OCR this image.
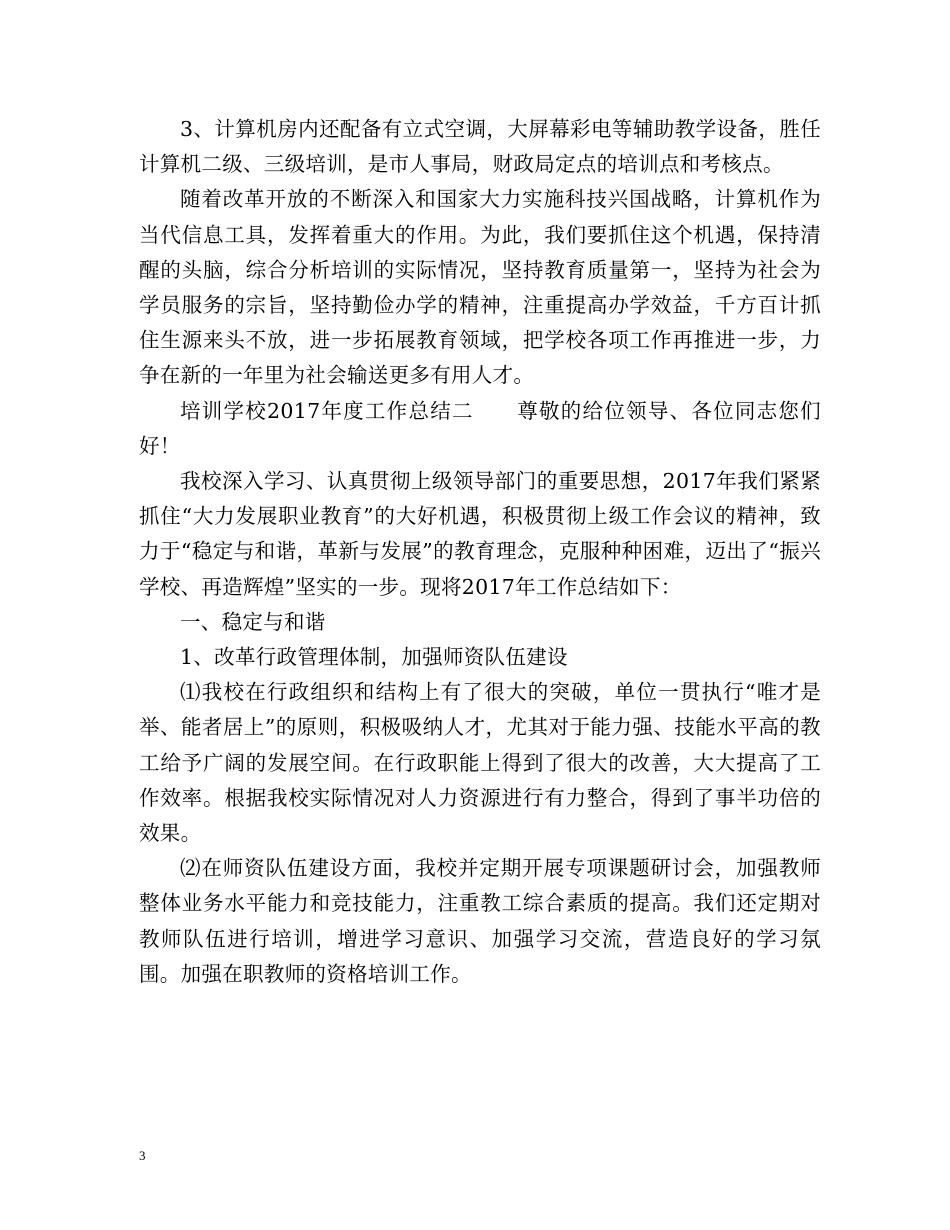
3、计算机房内还配备有立式空调，大屏幕彩电等辅助教学设备，胜任计算机二级、三级培训，是市人事局，财政局定点的培训点和考核点。

随着改革开放的不断深入和国家大力实施科技兴国战略，计算机作为当代信息工具，发挥着重大的作用。为此，我们要抓住这个机遇，保持清醒的头脑，综合分析培训的实际情况，坚持教育质量第一，坚持为社会为学员服务的宗旨，坚持勤俭办学的精神，注重提高办学效益，千方百计抓住生源来头不放，进一步拓展教育领域，把学校各项工作再推进一步，力争在新的一年里为社会输送更多有用人才。

培训学校2017年度工作总结二　　尊敬的给位领导、各位同志您们好！

我校深入学习、认真贯彻上级领导部门的重要思想，2017年我们紧紧抓住“大力发展职业教育”的大好机遇，积极贯彻上级工作会议的精神，致力于“稳定与和谐，革新与发展”的教育理念，克服种种困难，迈出了“振兴学校、再造辉煌”坚实的一步。现将2017年工作总结如下：

一、稳定与和谐

1、改革行政管理体制，加强师资队伍建设

⑴我校在行政组织和结构上有了很大的突破，单位一贯执行“唯才是举、能者居上”的原则，积极吸纳人才，尤其对于能力强、技能水平高的教工给予广阔的发展空间。在行政职能上得到了很大的改善，大大提高了工作效率。根据我校实际情况对人力资源进行有力整合，得到了事半功倍的效果。

⑵在师资队伍建设方面，我校并定期开展专项课题研讨会，加强教师整体业务水平能力和竞技能力，注重教工综合素质的提高。我们还定期对教师队伍进行培训，增进学习意识、加强学习交流，营造良好的学习氛围。加强在职教师的资格培训工作。

3
